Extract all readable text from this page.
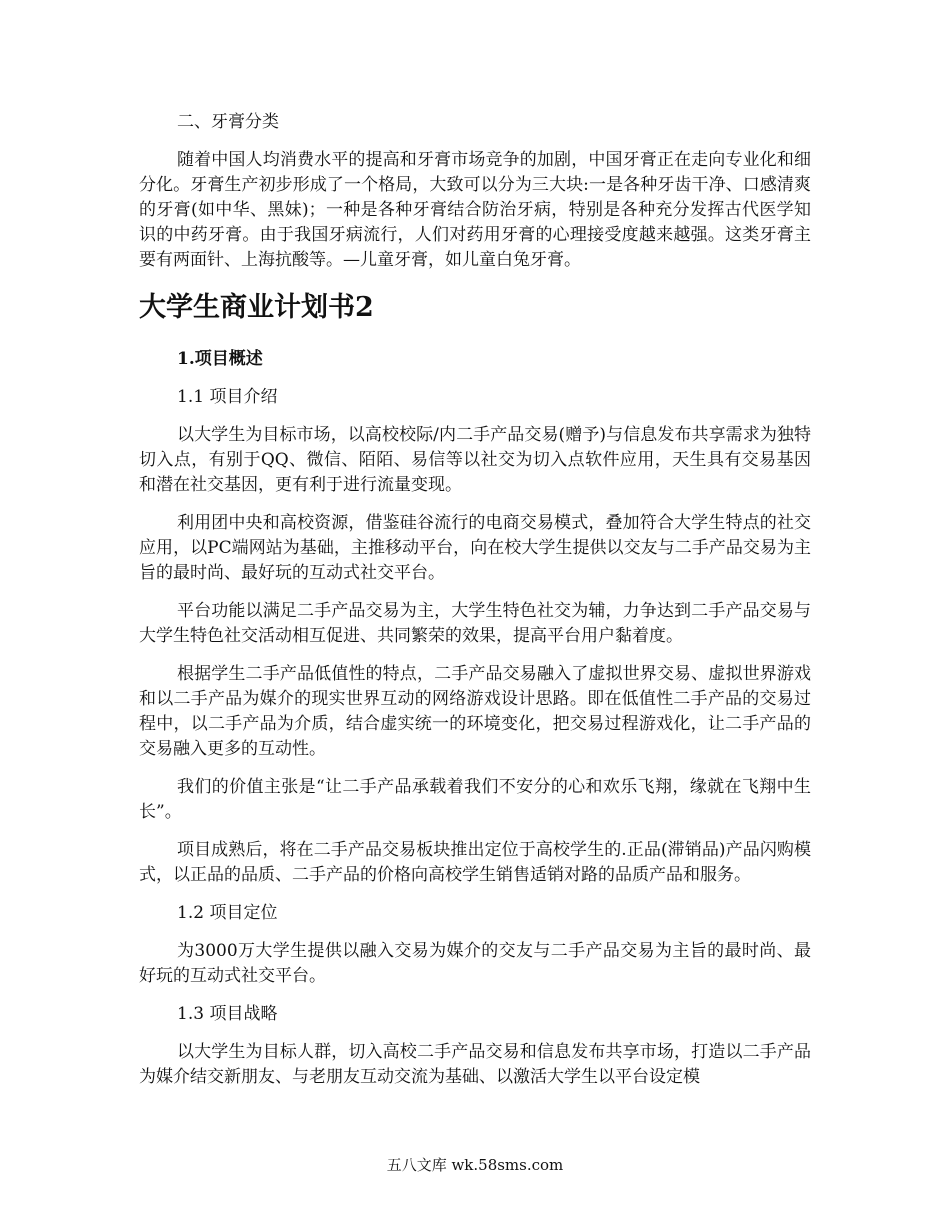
二、牙膏分类

随着中国人均消费水平的提高和牙膏市场竞争的加剧，中国牙膏正在走向专业化和细分化。牙膏生产初步形成了一个格局，大致可以分为三大块:一是各种牙齿干净、口感清爽的牙膏(如中华、黑妹)；一种是各种牙膏结合防治牙病，特别是各种充分发挥古代医学知识的中药牙膏。由于我国牙病流行，人们对药用牙膏的心理接受度越来越强。这类牙膏主要有两面针、上海抗酸等。—儿童牙膏，如儿童白兔牙膏。

大学生商业计划书2

1.项目概述

1.1 项目介绍

以大学生为目标市场，以高校校际/内二手产品交易(赠予)与信息发布共享需求为独特切入点，有别于QQ、微信、陌陌、易信等以社交为切入点软件应用，天生具有交易基因和潜在社交基因，更有利于进行流量变现。

利用团中央和高校资源，借鉴硅谷流行的电商交易模式，叠加符合大学生特点的社交应用，以PC端网站为基础，主推移动平台，向在校大学生提供以交友与二手产品交易为主旨的最时尚、最好玩的互动式社交平台。

平台功能以满足二手产品交易为主，大学生特色社交为辅，力争达到二手产品交易与大学生特色社交活动相互促进、共同繁荣的效果，提高平台用户黏着度。

根据学生二手产品低值性的特点，二手产品交易融入了虚拟世界交易、虚拟世界游戏和以二手产品为媒介的现实世界互动的网络游戏设计思路。即在低值性二手产品的交易过程中，以二手产品为介质，结合虚实统一的环境变化，把交易过程游戏化，让二手产品的交易融入更多的互动性。

我们的价值主张是“让二手产品承载着我们不安分的心和欢乐飞翔，缘就在飞翔中生长”。

项目成熟后，将在二手产品交易板块推出定位于高校学生的.正品(滞销品)产品闪购模式，以正品的品质、二手产品的价格向高校学生销售适销对路的品质产品和服务。

1.2 项目定位

为3000万大学生提供以融入交易为媒介的交友与二手产品交易为主旨的最时尚、最好玩的互动式社交平台。

1.3 项目战略

以大学生为目标人群，切入高校二手产品交易和信息发布共享市场，打造以二手产品为媒介结交新朋友、与老朋友互动交流为基础、以激活大学生以平台设定模

五八文库 wk.58sms.com
